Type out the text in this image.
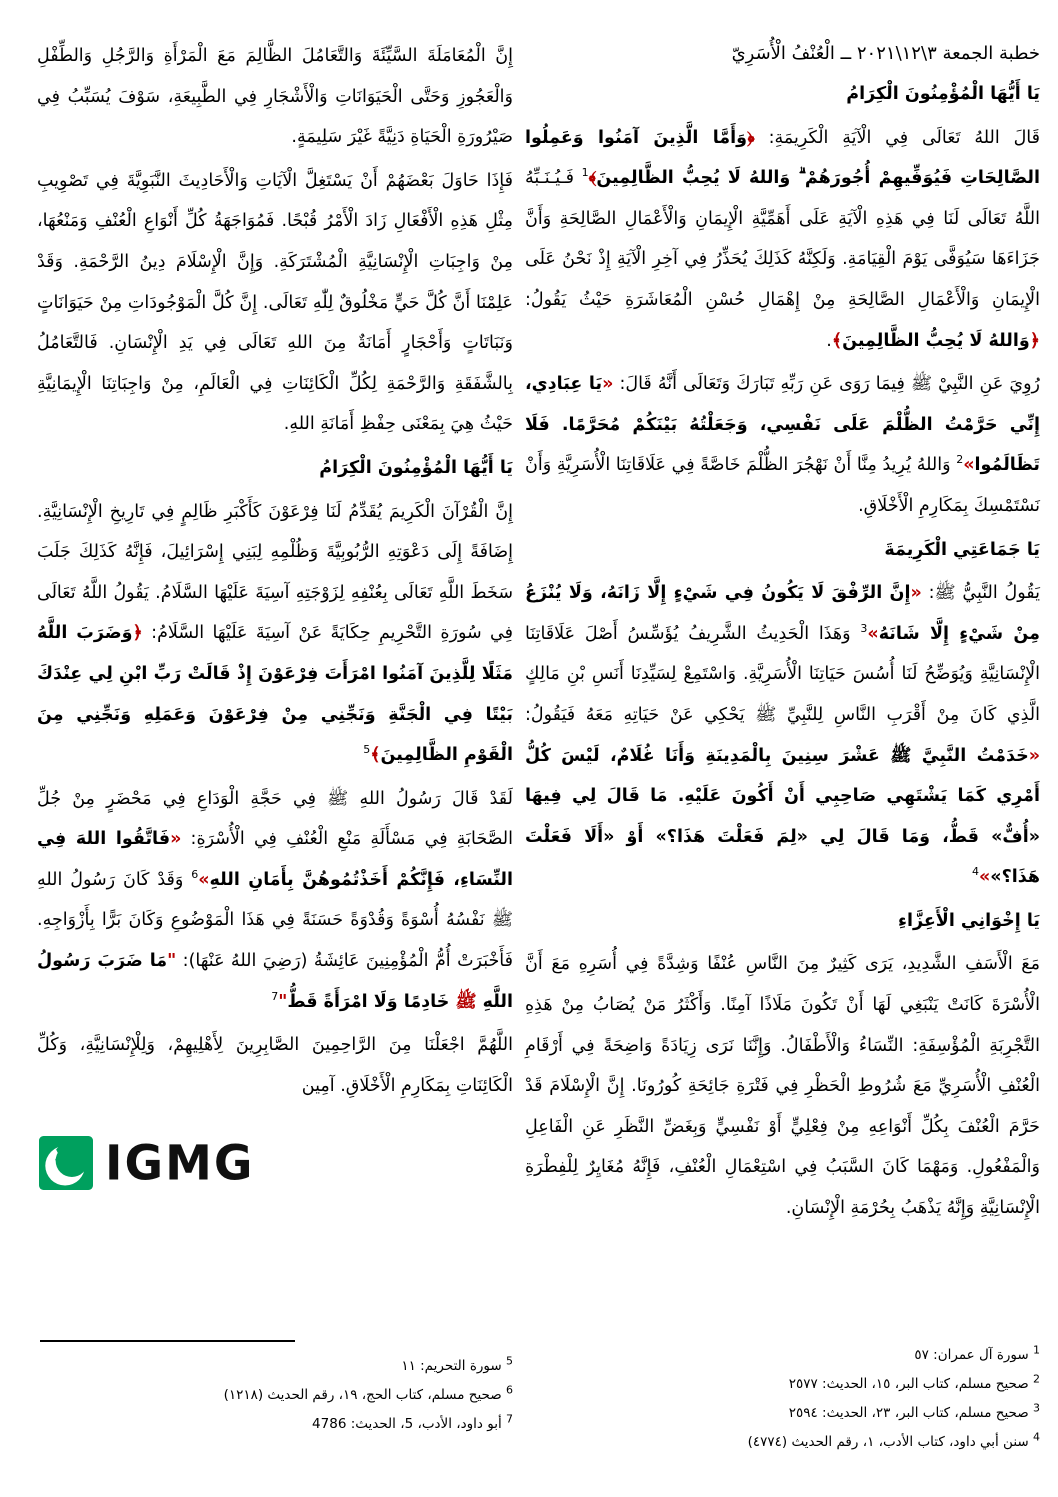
خطبة الجمعة ٣\١٢\٢٠٢١ ــ الْعُنْفُ الْأُسَرِيّ

يَا أَيُّهَا الْمُؤْمِنُونَ الْكِرَامُ

قَالَ اللهُ تَعَالَى فِي الْآيَةِ الْكَرِيمَةِ: ﴿وَأَمَّا الَّذِينَ آمَنُوا وَعَمِلُوا الصَّالِحَاتِ فَيُوَفِّيهِمْ أُجُورَهُمْ وَاللهُ لَا يُحِبُّ الظَّالِمِينَ﴾$^1$ فَـيُـنَـبِّهُ اللَّهُ تَعَالَى لَنَا فِي هَذِهِ الْآيَةِ عَلَى أَهَمِّيَّةِ الْإِيمَانِ وَالْأَعْمَالِ الصَّالِحَةِ وَأَنَّ جَزَاءَهَا سَيُوَفَّى يَوْمَ الْقِيَامَةِ. وَلَكِنَّهُ كَذَلِكَ يُحَذِّرُ فِي آخِرِ الْآيَةِ إِذْ نَحْنُ عَلَى الْإِيمَانِ وَالْأَعْمَالِ الصَّالِحَةِ مِنْ إِهْمَالِ حُسْنِ الْمُعَاشَرَةِ حَيْثُ يَقُولُ: ﴿وَاللهُ لَا يُحِبُّ الظَّالِمِينَ﴾.

رُوِيَ عَنِ النَّبِيْ ﷺ فِيمَا رَوَى عَنِ رَبِّهِ تَبَارَكَ وَتَعَالَى أَنَّهُ قَالَ: «يَا عِبَادِي، إِنِّي حَرَّمْتُ الظُّلْمَ عَلَى نَفْسِي، وَجَعَلْتُهُ بَيْنَكُمْ مُحَرَّمًا. فَلَا تَظَالَمُوا»$^2$ وَاللهُ يُرِيدُ مِنَّا أَنْ نَهْجُرَ الظُّلْمَ خَاصَّةً فِي عَلَاقَاتِنَا الْأُسَرِيَّةِ وَأَنْ نَسْتَمْسِكَ بِمَكَارِمِ الْأَخْلَاقِ.

يَا جَمَاعَتِي الْكَرِيمَةَ

يَقُولُ النَّبِيُّ ﷺ: «إِنَّ الرِّفْقَ لَا يَكُونُ فِي شَيْءٍ إِلَّا زَانَهُ، وَلَا يُنْزَعُ مِنْ شَيْءٍ إِلَّا شَانَهُ»$^3$ وَهَذَا الْحَدِيثُ الشَّرِيفُ يُؤَسِّسُ أَصْلَ عَلَاقَاتِنَا الْإِنْسَانِيَّةِ وَيُوَضِّحُ لَنَا أُسُسَ حَيَاتِنَا الْأُسَرِيَّةِ. وَاسْتَمِعْ لِسَيِّدِنَا أَنَسِ بْنِ مَالِكٍ الَّذِي كَانَ مِنْ أَقْرَبِ النَّاسِ لِلنَّبِيِّ ﷺ يَحْكِي عَنْ حَيَاتِهِ مَعَهُ فَيَقُولُ: «خَدَمْتُ النَّبِيَّ ﷺ عَشْرَ سِنِينَ بِالْمَدِينَةِ وَأَنَا غُلَامٌ، لَيْسَ كُلُّ أَمْرِي كَمَا يَشْتَهِي صَاحِبِي أَنْ أَكُونَ عَلَيْهِ. مَا قَالَ لِي فِيهَا «أُفٌّ» قَطُّ، وَمَا قَالَ لِي «لِمَ فَعَلْتَ هَذَا؟» أَوْ «أَلَا فَعَلْتَ هَذَا؟»»$^4$

يَا إِخْوَانِي الْأَعِزَّاءِ

مَعَ الْأَسَفِ الشَّدِيدِ، يَرَى كَثِيرٌ مِنَ النَّاسِ عُنْفًا وَشِدَّةً فِي أُسَرِهِ مَعَ أَنَّ الْأُسْرَةَ كَانَتْ يَنْبَغِي لَهَا أَنْ تَكُونَ مَلَاذًا آمِنًا. وَأَكْثَرُ مَنْ يُصَابُ مِنْ هَذِهِ التَّجْرِبَةِ الْمُؤْسِفَةِ: النِّسَاءُ وَالْأَطْفَالُ. وَإِنَّنَا نَرَى زِيَادَةً وَاضِحَةً فِي أَرْقَامِ الْعُنْفِ الْأُسَرِيِّ مَعَ شُرُوطِ الْحَظْرِ فِي فَتْرَةِ جَائِحَةِ كُورُونَا. إِنَّ الْإِسْلَامَ قَدْ حَرَّمَ الْعُنْفَ بِكُلِّ أَنْوَاعِهِ مِنْ فِعْلِيٍّ أَوْ نَفْسِيٍّ وَبِغَضِّ النَّظَرِ عَنِ الْفَاعِلِ وَالْمَفْعُولِ. وَمَهْمَا كَانَ السَّبَبُ فِي اسْتِعْمَالِ الْعُنْفِ، فَإِنَّهُ مُغَايِرٌ لِلْفِطْرَةِ الْإِنْسَانِيَّةِ وَإِنَّهُ يَذْهَبُ بِحُرْمَةِ الْإِنْسَانِ.

إِنَّ الْمُعَامَلَةَ السَّيِّئَةَ وَالتَّعَامُلَ الظَّالِمَ مَعَ الْمَرْأَةِ وَالرَّجُلِ وَالطِّفْلِ وَالْعَجُوزِ وَحَتَّى الْحَيَوَانَاتِ وَالْأَشْجَارِ فِي الطَّبِيعَةِ، سَوْفَ يُسَبِّبُ فِي صَيْرُورَةِ الْحَيَاةِ دَنِيَّةً غَيْرَ سَلِيمَةٍ.

فَإِذَا حَاوَلَ بَعْضَهُمْ أَنْ يَسْتَغِلَّ الْآيَاتِ وَالْأَحَادِيثَ النَّبَوِيَّةَ فِي تَصْوِيبِ مِثْلِ هَذِهِ الْأَفْعَالِ زَادَ الْأَمْرُ قُبْحًا. فَمُوَاجَهَةُ كُلِّ أَنْوَاعِ الْعُنْفِ وَمَنْعُهَا، مِنْ وَاجِبَاتِ الْإِنْسَانِيَّةِ الْمُشْتَرَكَةِ. وَإِنَّ الْإِسْلَامَ دِينُ الرَّحْمَةِ. وَقَدْ عَلِمْنَا أَنَّ كُلَّ حَيٍّ مَخْلُوقٌ لِلّٰهِ تَعَالَى. إِنَّ كُلَّ الْمَوْجُودَاتِ مِنْ حَيَوَانَاتٍ وَنَبَاتَاتٍ وَأَحْجَارٍ أَمَانَةٌ مِنَ اللهِ تَعَالَى فِي يَدِ الْإِنْسَانِ. فَالتَّعَامُلُ بِالشَّفَقَةِ وَالرَّحْمَةِ لِكُلِّ الْكَائِنَاتِ فِي الْعَالَمِ، مِنْ وَاجِبَاتِنَا الْإِيمَانِيَّةِ حَيْثُ هِيَ بِمَعْنَى حِفْظِ أَمَانَةِ اللهِ.

يَا أَيُّهَا الْمُؤْمِنُونَ الْكِرَامُ

إِنَّ الْقُرْآنَ الْكَرِيمَ يُقَدِّمُ لَنَا فِرْعَوْنَ كَأَكْبَرِ ظَالِمٍ فِي تَارِيخِ الْإِنْسَانِيَّةِ. إِضَافَةً إِلَى دَعْوَتِهِ الرُّبُوبِيَّةَ وَظُلْمِهِ لِبَنِي إِسْرَائِيلَ، فَإِنَّهُ كَذَلِكَ جَلَبَ سَخَطَ اللَّهِ تَعَالَى بِعُنْفِهِ لِزَوْجَتِهِ آسِيَةَ عَلَيْهَا السَّلَامُ. يَقُولُ اللَّهُ تَعَالَى فِي سُورَةِ التَّحْرِيمِ حِكَايَةً عَنْ آسِيَةَ عَلَيْهَا السَّلَامُ: ﴿وَضَرَبَ اللَّهُ مَثَلًا لِلَّذِينَ آمَنُوا امْرَأَتَ فِرْعَوْنَ إِذْ قَالَتْ رَبِّ ابْنِ لِي عِنْدَكَ بَيْتًا فِي الْجَنَّةِ وَنَجِّنِي مِنْ فِرْعَوْنَ وَعَمَلِهِ وَنَجِّنِي مِنَ الْقَوْمِ الظَّالِمِينَ﴾$^5$

لَقَدْ قَالَ رَسُولُ اللهِ ﷺ فِي حَجَّةِ الْوَدَاعِ فِي مَحْضَرٍ مِنْ جُلِّ الصَّحَابَةِ فِي مَسْأَلَةِ مَنْعِ الْعُنْفِ فِي الْأُسْرَةِ: «فَاتَّقُوا اللهَ فِي النِّسَاءِ، فَإِنَّكُمْ أَخَذْتُمُوهُنَّ بِأَمَانِ اللهِ»$^6$ وَقَدْ كَانَ رَسُولُ اللهِ ﷺ نَفْسُهُ أُسْوَةً وَقُدْوَةً حَسَنَةً فِي هَذَا الْمَوْضُوعِ وَكَانَ بَرًّا بِأَزْوَاجِهِ. فَأَخْبَرَتْ أُمُّ الْمُؤْمِنِينَ عَائِشَةُ (رَضِيَ اللهُ عَنْهَا): "مَا ضَرَبَ رَسُولُ اللَّهِ ﷺ خَادِمًا وَلَا امْرَأَةً قَطُّ"$^7$

اللَّهُمَّ اجْعَلْنَا مِنَ الرَّاحِمِينَ الصَّابِرِينَ لِأَهْلِيهِمْ، وَلِلْإِنْسَانِيَّةِ، وَكُلِّ الْكَائِنَاتِ بِمَكَارِمِ الْأَخْلَاقِ. آمِين

IGMG
$^1$ سورة آل عمران: ٥٧
$^2$ صحيح مسلم، كتاب البر، ١٥، الحديث: ٢٥٧٧
$^3$ صحيح مسلم، كتاب البر، ٢٣، الحديث: ٢٥٩٤
$^4$ سنن أبي داود، كتاب الأدب، ١، رقم الحديث (٤٧٧٤)
$^5$ سورة التحريم: ١١
$^6$ صحيح مسلم، كتاب الحج، ١٩، رقم الحديث (١٢١٨)
$^7$ أبو داود، الأدب، 5، الحديث: 4786
